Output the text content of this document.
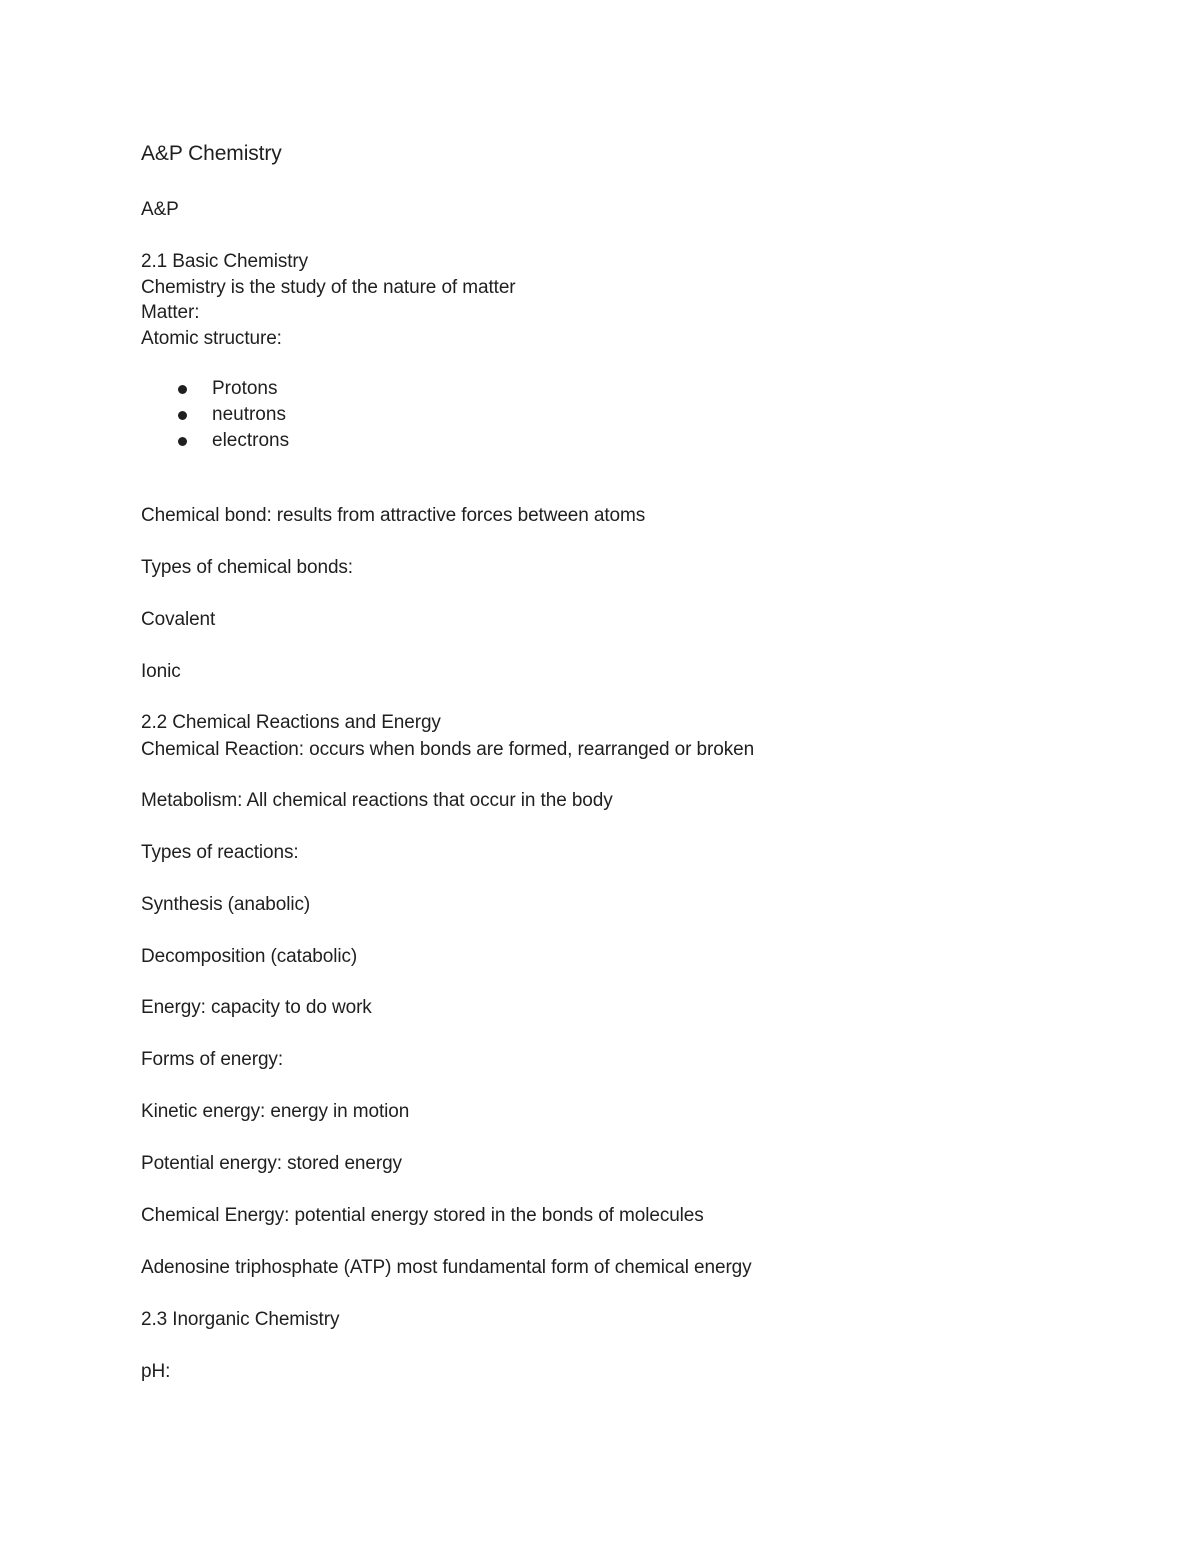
A&P Chemistry
A&P
2.1 Basic Chemistry
Chemistry is the study of the nature of matter
Matter:
Atomic structure:
Protons
neutrons
electrons
Chemical bond: results from attractive forces between atoms
Types of chemical bonds:
Covalent
Ionic
2.2 Chemical Reactions and Energy
Chemical Reaction: occurs when bonds are formed, rearranged or broken
Metabolism: All chemical reactions that occur in the body
Types of reactions:
Synthesis (anabolic)
Decomposition (catabolic)
Energy: capacity to do work
Forms of energy:
Kinetic energy: energy in motion
Potential energy: stored energy
Chemical Energy: potential energy stored in the bonds of molecules
Adenosine triphosphate (ATP) most fundamental form of chemical energy
2.3 Inorganic Chemistry
pH:
